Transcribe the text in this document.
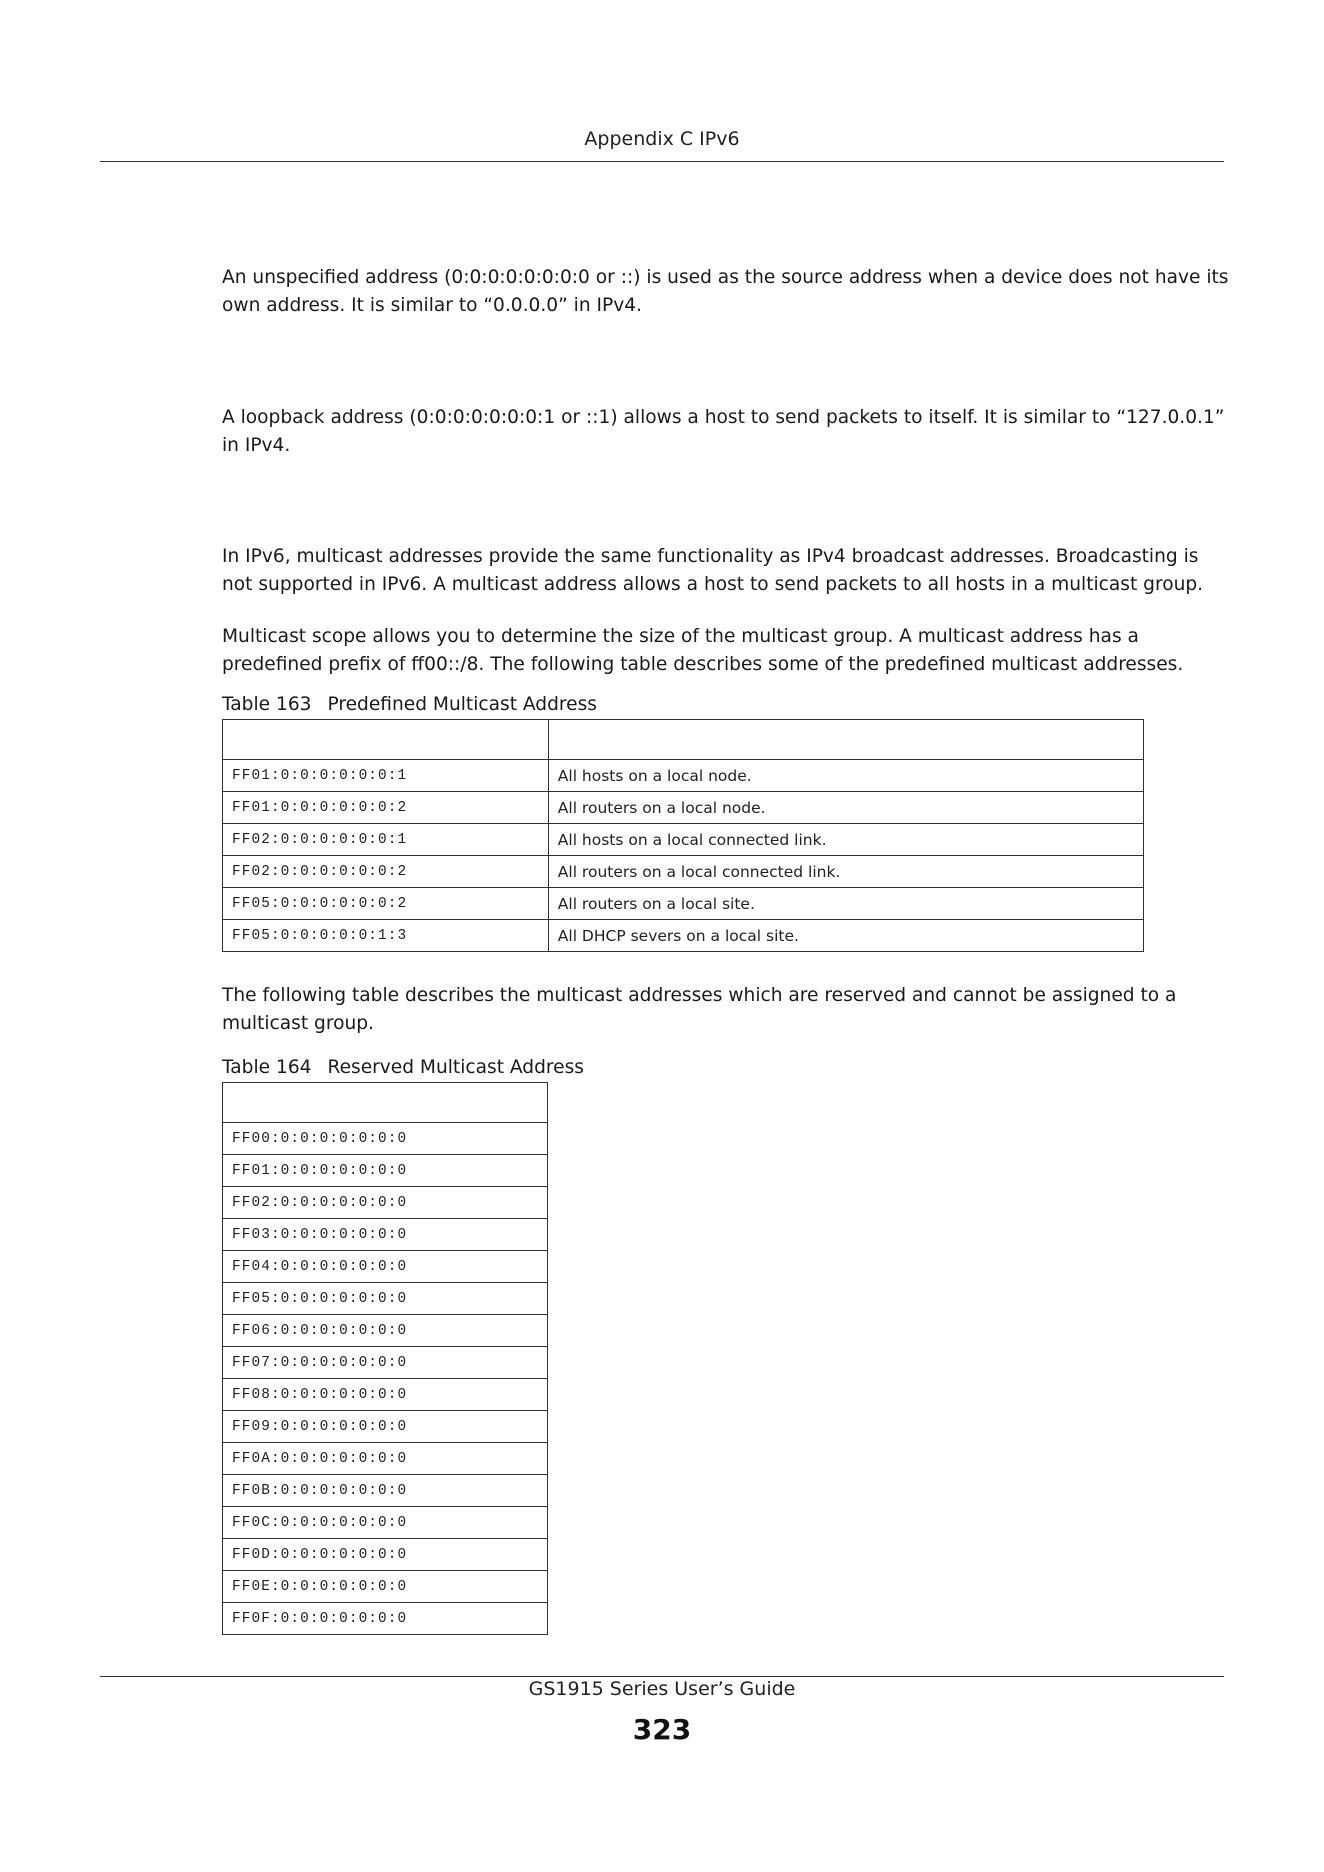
Appendix C IPv6

An unspecified address (0:0:0:0:0:0:0:0 or ::) is used as the source address when a device does not have its own address. It is similar to “0.0.0.0” in IPv4.

A loopback address (0:0:0:0:0:0:0:1 or ::1) allows a host to send packets to itself. It is similar to “127.0.0.1” in IPv4.

In IPv6, multicast addresses provide the same functionality as IPv4 broadcast addresses. Broadcasting is not supported in IPv6. A multicast address allows a host to send packets to all hosts in a multicast group.

Multicast scope allows you to determine the size of the multicast group. A multicast address has a predefined prefix of ff00::/8. The following table describes some of the predefined multicast addresses.

Table 163 Predefined Multicast Address

FF01:0:0:0:0:0:0:1	All hosts on a local node.
FF01:0:0:0:0:0:0:2	All routers on a local node.
FF02:0:0:0:0:0:0:1	All hosts on a local connected link.
FF02:0:0:0:0:0:0:2	All routers on a local connected link.
FF05:0:0:0:0:0:0:2	All routers on a local site.
FF05:0:0:0:0:0:1:3	All DHCP severs on a local site.

The following table describes the multicast addresses which are reserved and cannot be assigned to a multicast group.

Table 164 Reserved Multicast Address

FF00:0:0:0:0:0:0:0
FF01:0:0:0:0:0:0:0
FF02:0:0:0:0:0:0:0
FF03:0:0:0:0:0:0:0
FF04:0:0:0:0:0:0:0
FF05:0:0:0:0:0:0:0
FF06:0:0:0:0:0:0:0
FF07:0:0:0:0:0:0:0
FF08:0:0:0:0:0:0:0
FF09:0:0:0:0:0:0:0
FF0A:0:0:0:0:0:0:0
FF0B:0:0:0:0:0:0:0
FF0C:0:0:0:0:0:0:0
FF0D:0:0:0:0:0:0:0
FF0E:0:0:0:0:0:0:0
FF0F:0:0:0:0:0:0:0
GS1915 Series User’s Guide
323
